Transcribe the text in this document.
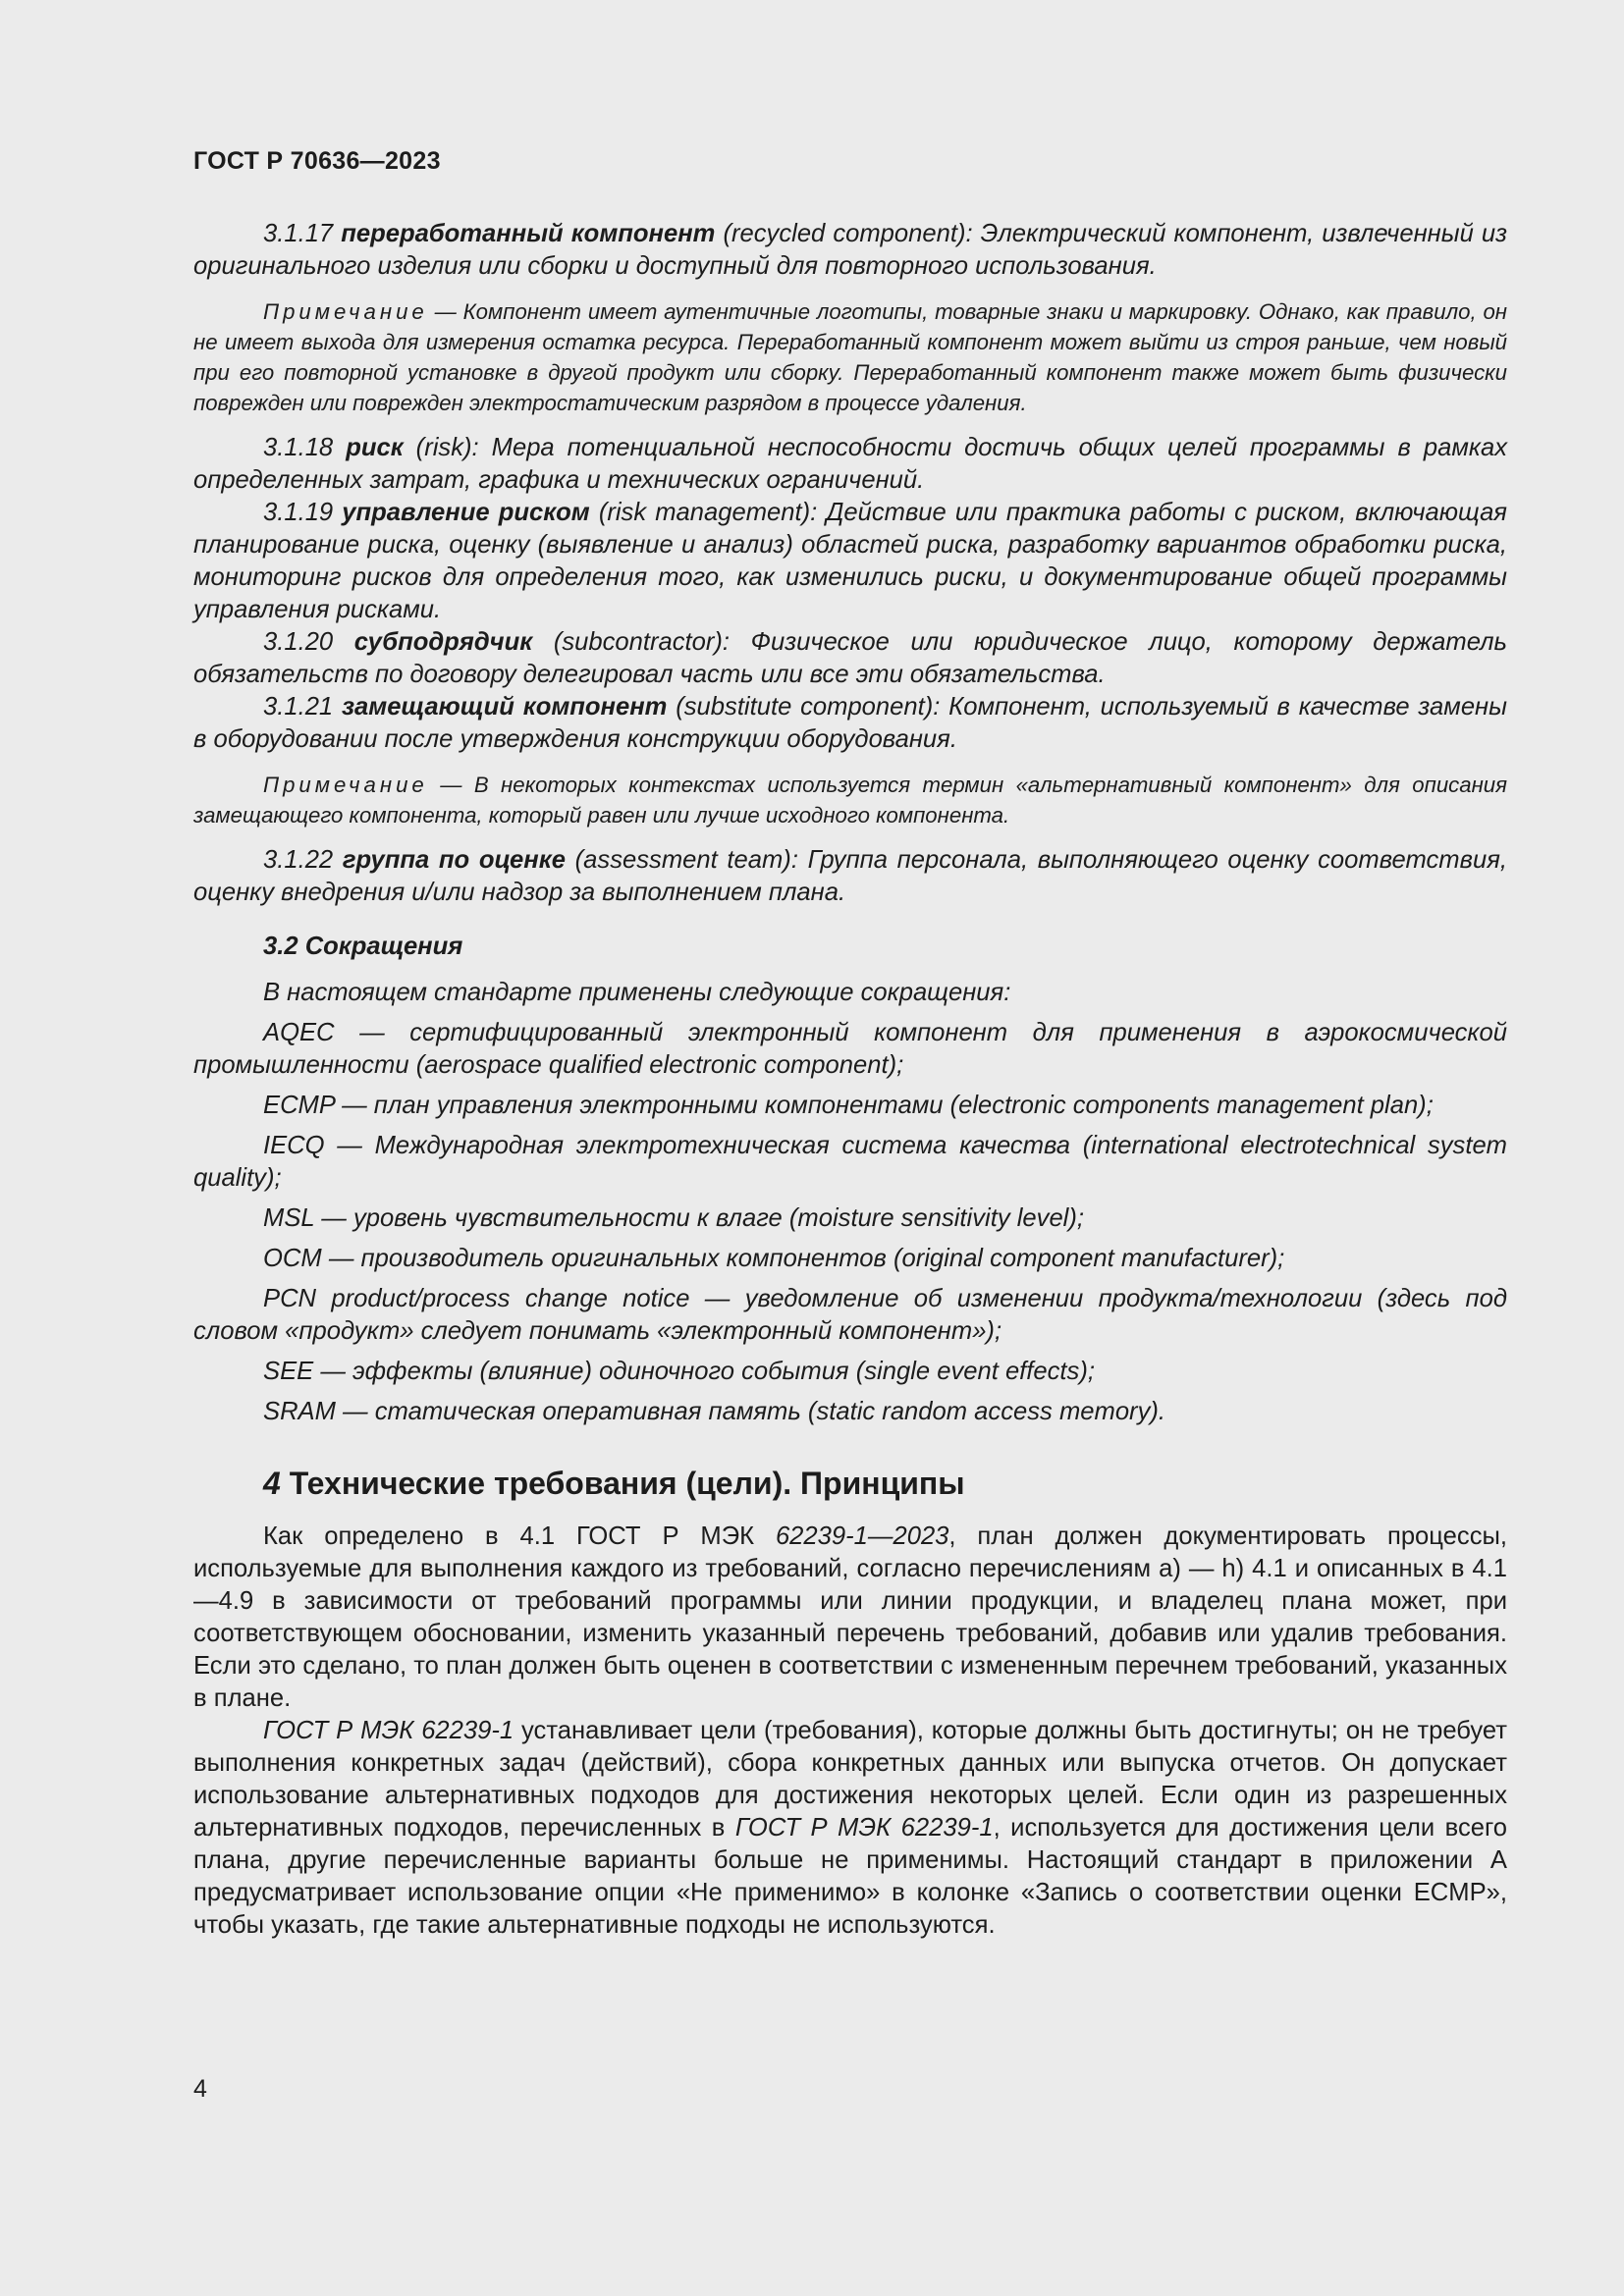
ГОСТ Р 70636—2023

3.1.17 переработанный компонент (recycled component): Электрический компонент, извлеченный из оригинального изделия или сборки и доступный для повторного использования.

Примечание — Компонент имеет аутентичные логотипы, товарные знаки и маркировку. Однако, как правило, он не имеет выхода для измерения остатка ресурса. Переработанный компонент может выйти из строя раньше, чем новый при его повторной установке в другой продукт или сборку. Переработанный компонент также может быть физически поврежден или поврежден электростатическим разрядом в процессе удаления.

3.1.18 риск (risk): Мера потенциальной неспособности достичь общих целей программы в рамках определенных затрат, графика и технических ограничений.

3.1.19 управление риском (risk management): Действие или практика работы с риском, включающая планирование риска, оценку (выявление и анализ) областей риска, разработку вариантов обработки риска, мониторинг рисков для определения того, как изменились риски, и документирование общей программы управления рисками.

3.1.20 субподрядчик (subcontractor): Физическое или юридическое лицо, которому держатель обязательств по договору делегировал часть или все эти обязательства.

3.1.21 замещающий компонент (substitute component): Компонент, используемый в качестве замены в оборудовании после утверждения конструкции оборудования.

Примечание — В некоторых контекстах используется термин «альтернативный компонент» для описания замещающего компонента, который равен или лучше исходного компонента.

3.1.22 группа по оценке (assessment team): Группа персонала, выполняющего оценку соответствия, оценку внедрения и/или надзор за выполнением плана.

3.2 Сокращения

В настоящем стандарте применены следующие сокращения:

AQEC — сертифицированный электронный компонент для применения в аэрокосмической промышленности (aerospace qualified electronic component);

ECMP — план управления электронными компонентами (electronic components management plan);

IECQ — Международная электротехническая система качества (international electrotechnical system quality);

MSL — уровень чувствительности к влаге (moisture sensitivity level);

OCM — производитель оригинальных компонентов (original component manufacturer);

PCN product/process change notice — уведомление об изменении продукта/технологии (здесь под словом «продукт» следует понимать «электронный компонент»);

SEE — эффекты (влияние) одиночного события (single event effects);

SRAM — статическая оперативная память (static random access memory).

4 Технические требования (цели). Принципы

Как определено в 4.1 ГОСТ Р МЭК 62239-1—2023, план должен документировать процессы, используемые для выполнения каждого из требований, согласно перечислениям а) — h) 4.1 и описанных в 4.1—4.9 в зависимости от требований программы или линии продукции, и владелец плана может, при соответствующем обосновании, изменить указанный перечень требований, добавив или удалив требования. Если это сделано, то план должен быть оценен в соответствии с измененным перечнем требований, указанных в плане.

ГОСТ Р МЭК 62239-1 устанавливает цели (требования), которые должны быть достигнуты; он не требует выполнения конкретных задач (действий), сбора конкретных данных или выпуска отчетов. Он допускает использование альтернативных подходов для достижения некоторых целей. Если один из разрешенных альтернативных подходов, перечисленных в ГОСТ Р МЭК 62239-1, используется для достижения цели всего плана, другие перечисленные варианты больше не применимы. Настоящий стандарт в приложении А предусматривает использование опции «Не применимо» в колонке «Запись о соответствии оценки ECMP», чтобы указать, где такие альтернативные подходы не используются.

4
